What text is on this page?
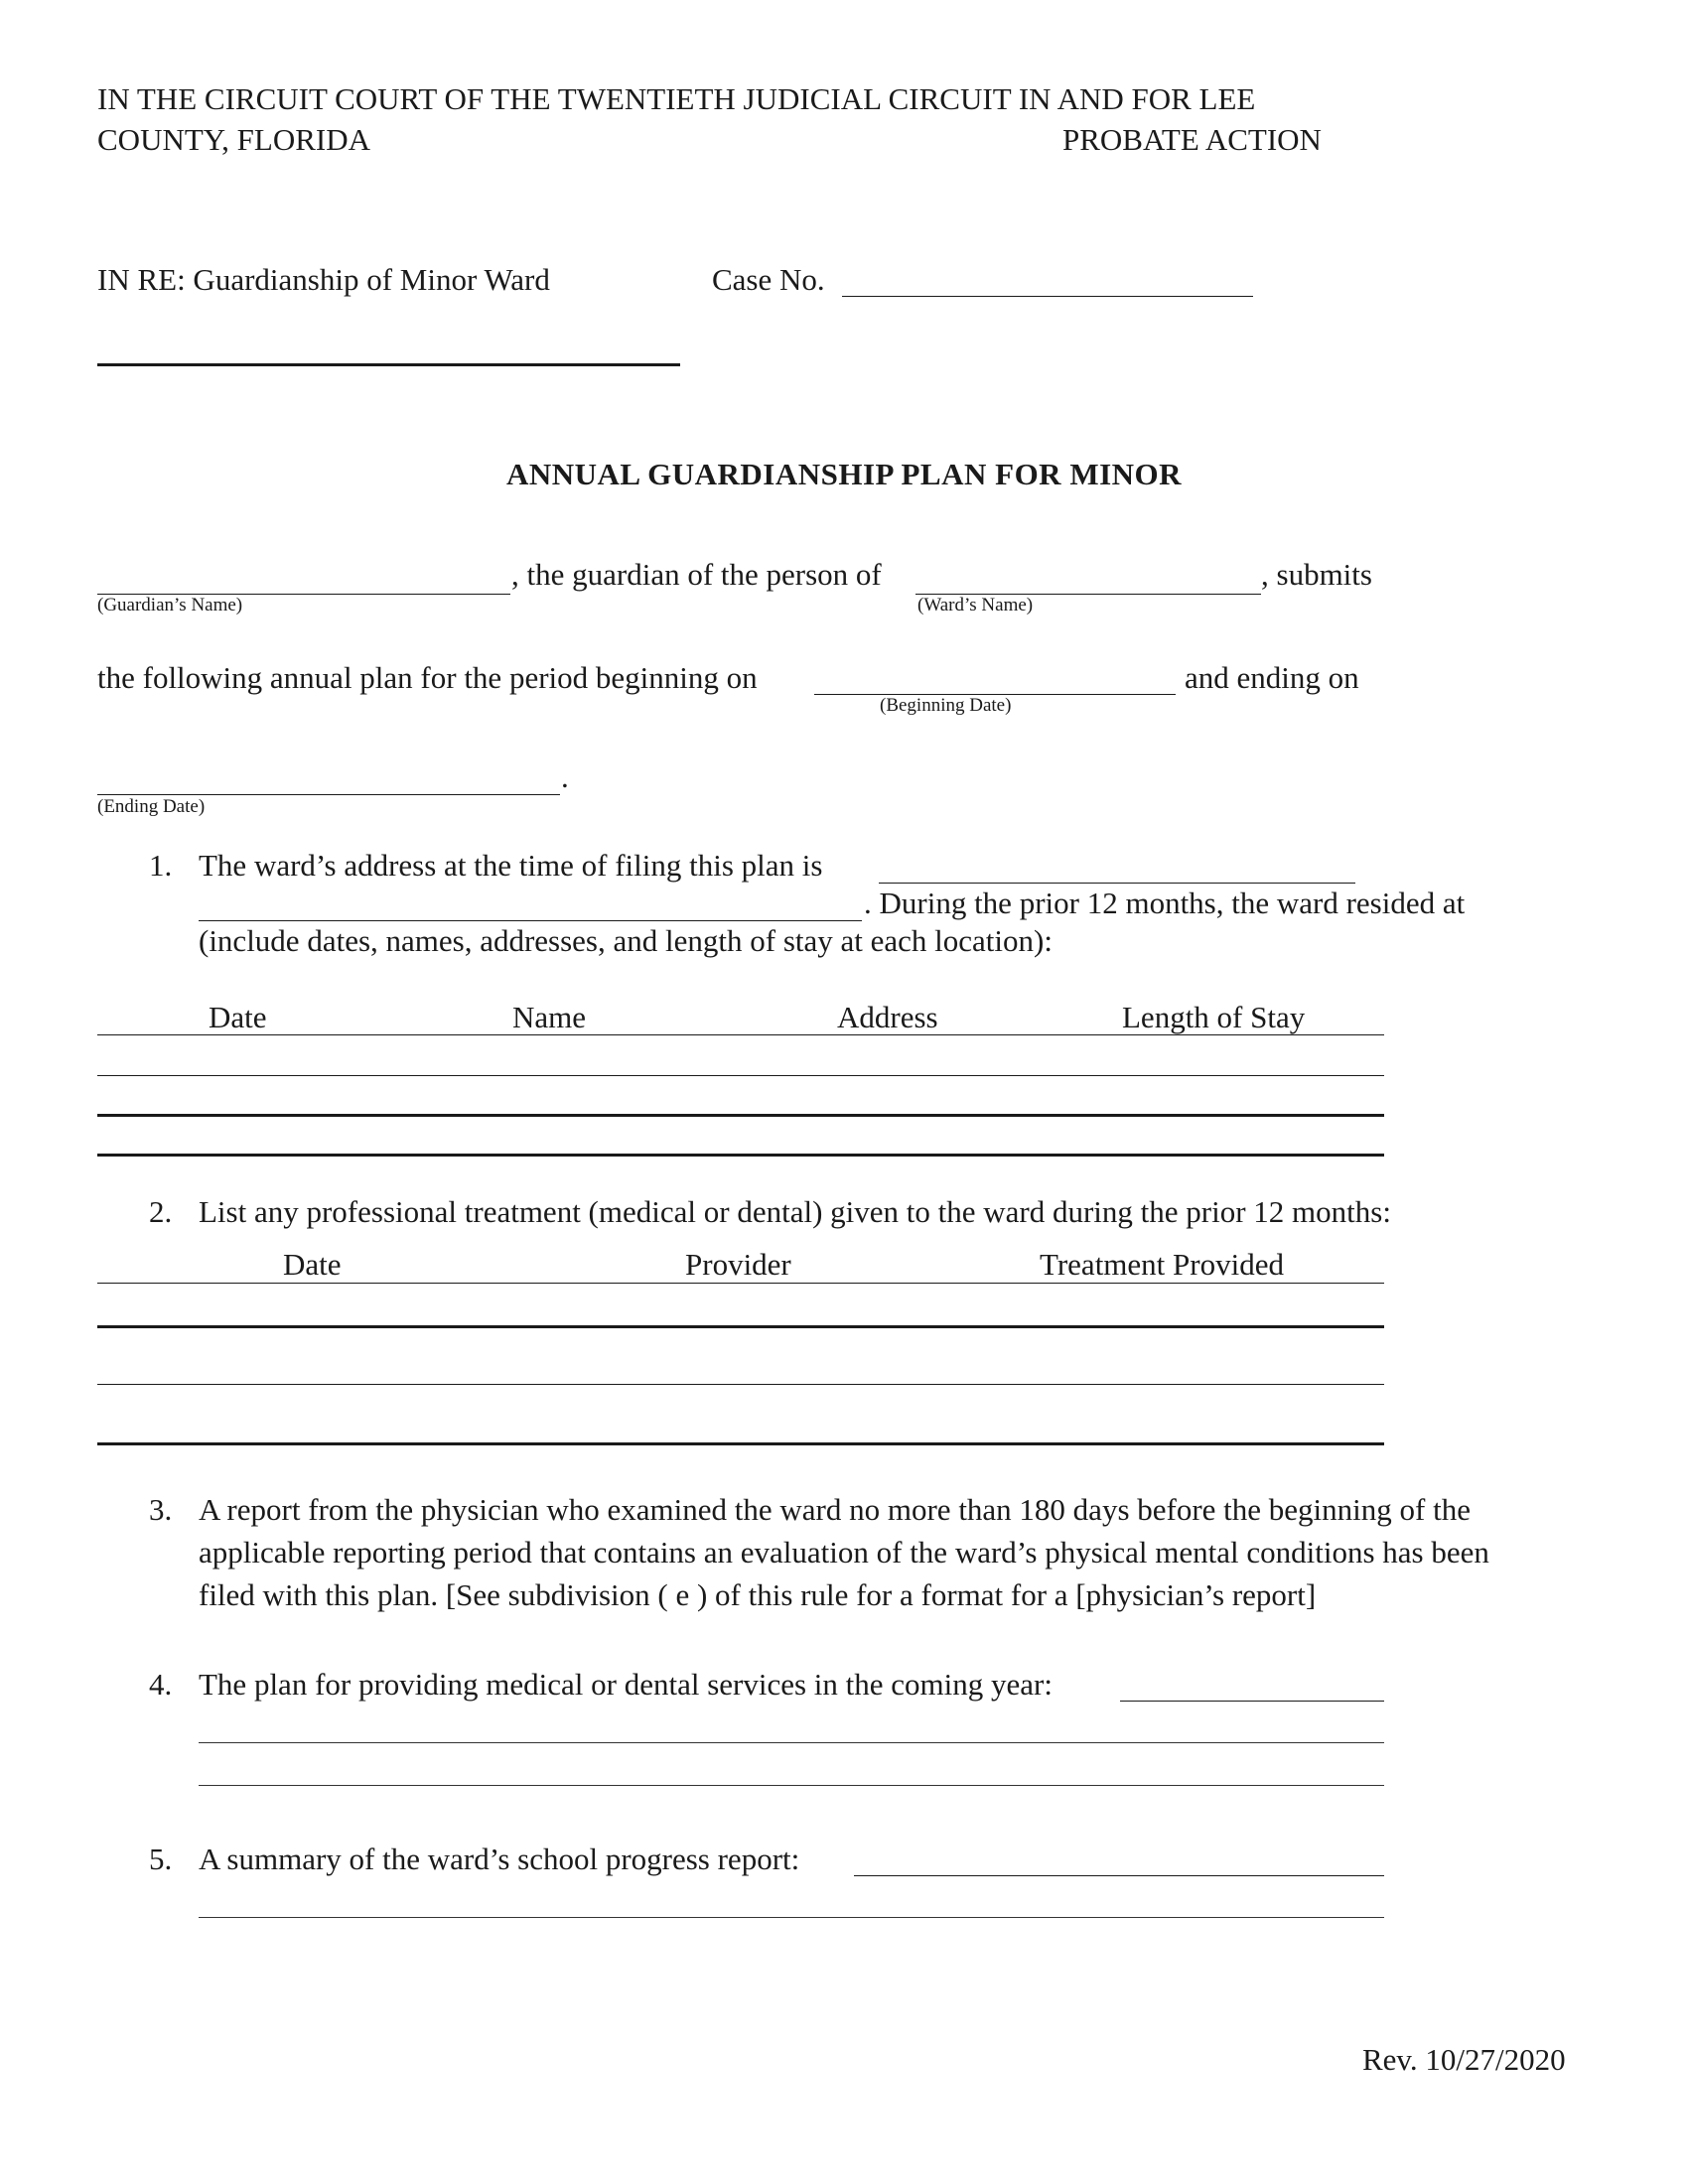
IN THE CIRCUIT COURT OF THE TWENTIETH JUDICIAL CIRCUIT IN AND FOR LEE
COUNTY, FLORIDA	PROBATE ACTION
IN RE: Guardianship of Minor Ward	Case No.
ANNUAL GUARDIANSHIP PLAN FOR MINOR
, the guardian of the person of	, submits
(Guardian’s Name)	(Ward’s Name)
the following annual plan for the period beginning on	and ending on
(Beginning Date)
.
(Ending Date)
1. The ward’s address at the time of filing this plan is
. During the prior 12 months, the ward resided at
(include dates, names, addresses, and length of stay at each location):
Date	Name	Address	Length of Stay
2. List any professional treatment (medical or dental) given to the ward during the prior 12 months:
Date	Provider	Treatment Provided
3. A report from the physician who examined the ward no more than 180 days before the beginning of the
applicable reporting period that contains an evaluation of the ward’s physical mental conditions has been
filed with this plan. [See subdivision ( e ) of this rule for a format for a [physician’s report]
4. The plan for providing medical or dental services in the coming year:
5. A summary of the ward’s school progress report:
Rev. 10/27/2020
